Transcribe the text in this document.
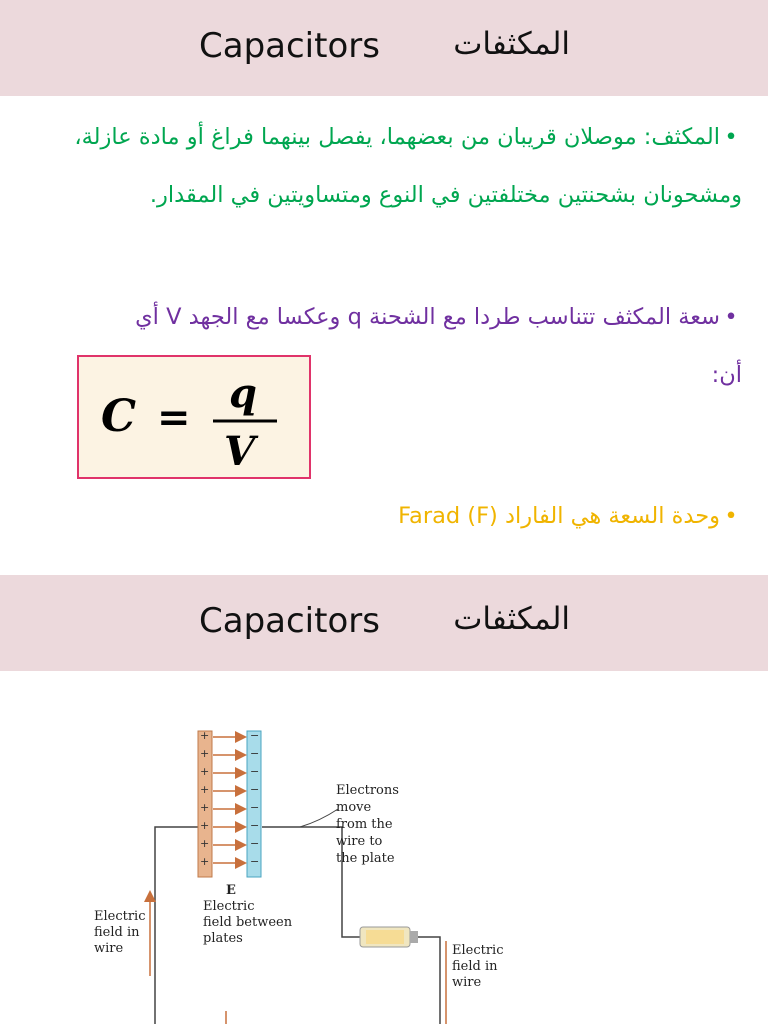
Capacitors المكثفات
•المكثف: موصلان قريبان من بعضهما، يفصل بينهما فراغ أو مادة عازلة، ومشحونان بشحنتين مختلفتين في النوع ومتساويتين في المقدار.
•سعة المكثف تتناسب طردا مع الشحنة q وعكسا مع الجهد V أي
أن:
C =
q
V
•وحدة السعة هي الفاراد (Farad (F
Capacitors المكثفات
+
+
+
+
+
+
+
+
−
−
−
−
−
−
−
−
Electrons
move
from the
wire to
the plate
E
Electric
field between
plates
Electric
field in
wire	Electric
field in
wire
